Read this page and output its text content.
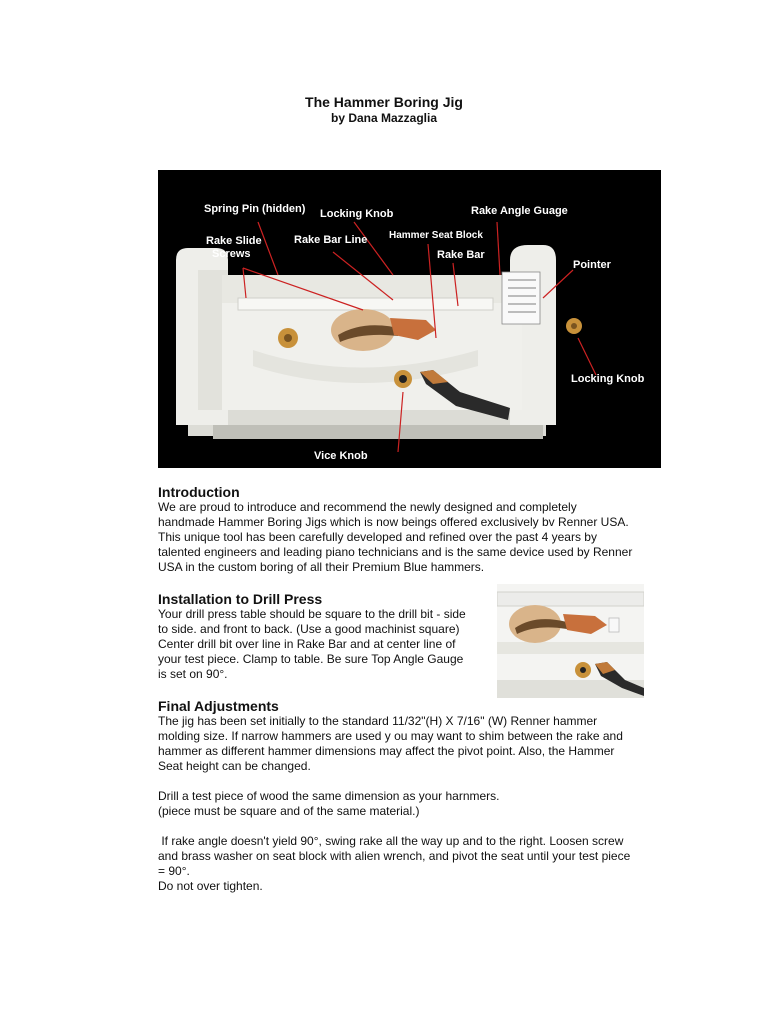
The Hammer Boring Jig
by Dana Mazzaglia
Spring Pin (hidden) Locking Knob	Rake Angle Guage
Rake Slide
Screws
Rake Bar Line Hammer Seat Block
Rake Bar
Pointer
Locking Knob
Vice Knob
Introduction
We are proud to introduce and recommend the newly designed and completely
handmade Hammer Boring Jigs which is now beings offered exclusively bv Renner USA.
This unique tool has been carefully developed and refined over the past 4 years by
talented engineers and leading piano technicians and is the same device used by Renner
USA in the custom boring of all their Premium Blue hammers.
Installation to Drill Press
Your drill press table should be square to the drill bit - side
to side. and front to back. (Use a good machinist square)
Center drill bit over line in Rake Bar and at center line of
your test piece. Clamp to table. Be sure Top Angle Gauge
is set on 90°.
Final Adjustments
The jig has been set initially to the standard 11/32"(H) X 7/16" (W) Renner hammer
molding size. If narrow hammers are used y ou may want to shim between the rake and
hammer as different hammer dimensions may affect the pivot point. Also, the Hammer
Seat height can be changed.
Drill a test piece of wood the same dimension as your harnmers.
(piece must be square and of the same material.)
If rake angle doesn't yield 90°, swing rake all the way up and to the right. Loosen screw
and brass washer on seat block with alien wrench, and pivot the seat until your test piece
= 90°.
Do not over tighten.
